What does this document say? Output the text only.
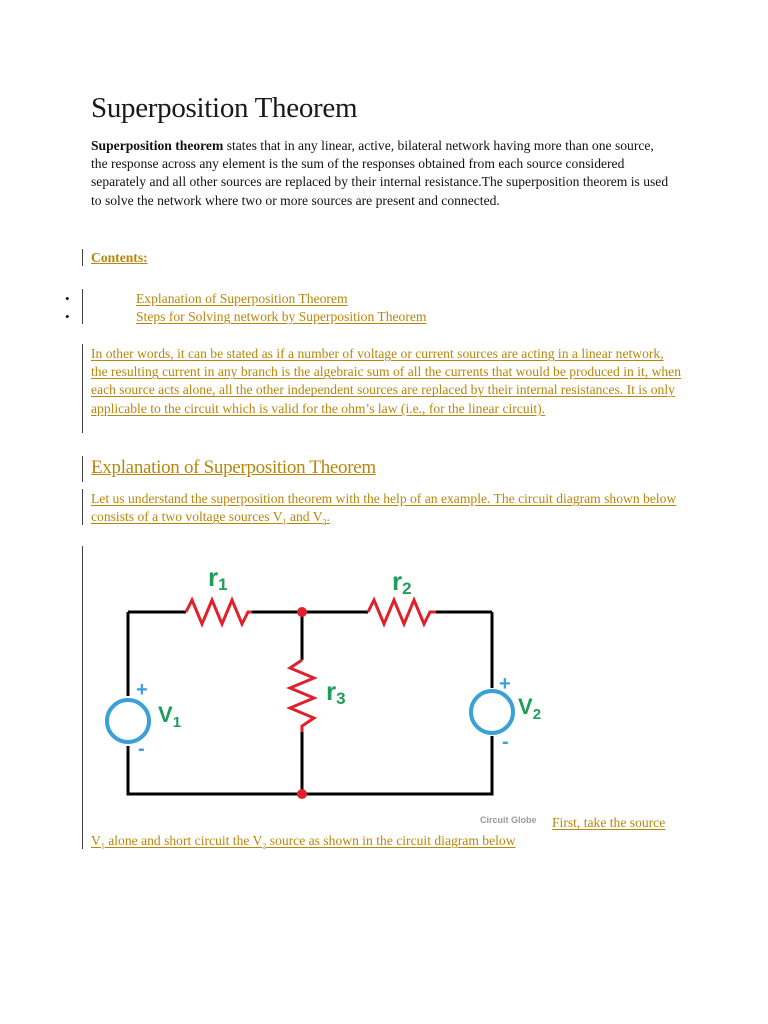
Superposition Theorem

Superposition theorem states that in any linear, active, bilateral network having more than one source, the response across any element is the sum of the responses obtained from each source considered separately and all other sources are replaced by their internal resistance.The superposition theorem is used to solve the network where two or more sources are present and connected.

Contents:

•	Explanation of Superposition Theorem
•	Steps for Solving network by Superposition Theorem

In other words, it can be stated as if a number of voltage or current sources are acting in a linear network, the resulting current in any branch is the algebraic sum of all the currents that would be produced in it, when each source acts alone, all the other independent sources are replaced by their internal resistances. It is only applicable to the circuit which is valid for the ohm’s law (i.e., for the linear circuit).

Explanation of Superposition Theorem

Let us understand the superposition theorem with the help of an example. The circuit diagram shown below consists of a two voltage sources $V_1$ and $V_2$.

+
-
+
-
r1	r2
r3
$V_1$
$V_2$
Circuit Globe First, take the source
$V_1$ alone and short circuit the $V_2$ source as shown in the circuit diagram below
